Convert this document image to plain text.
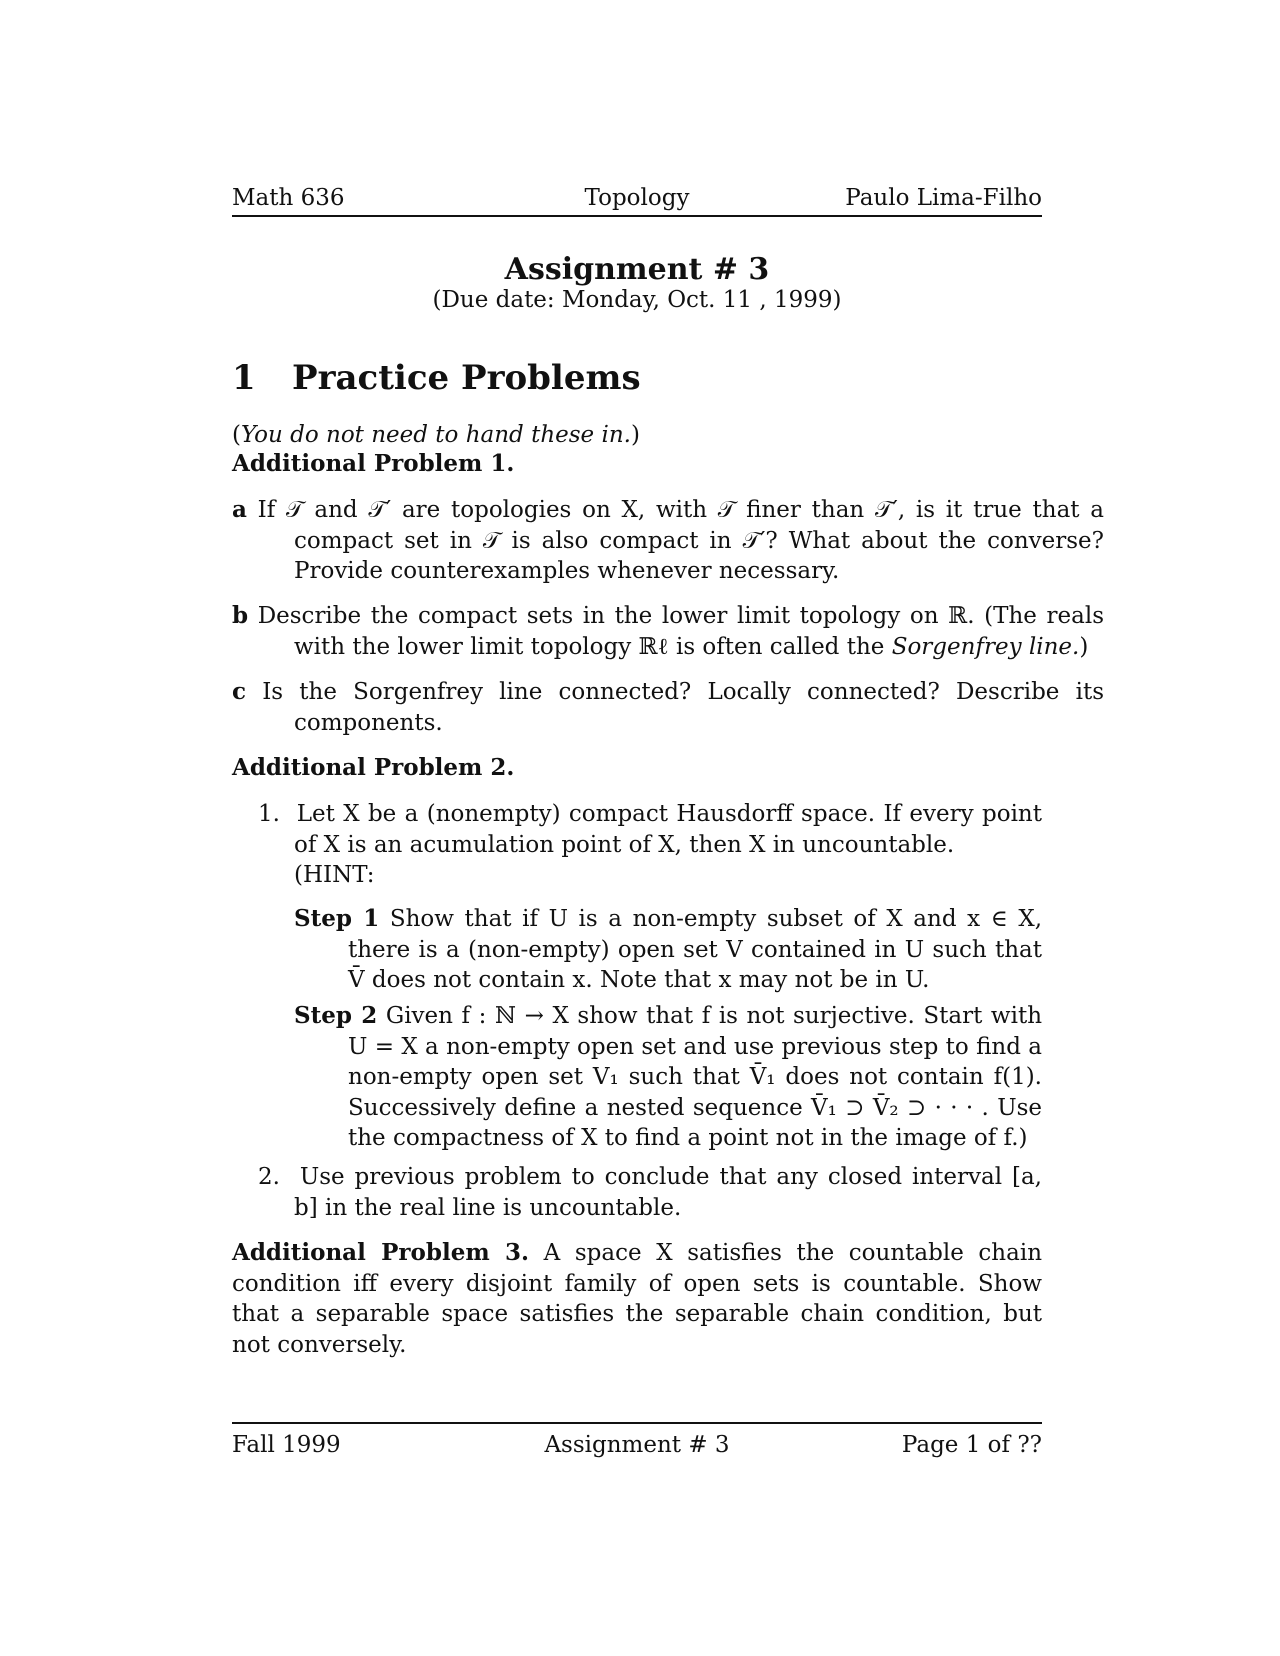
Math 636	Topology	Paulo Lima-Filho
Assignment # 3
(Due date: Monday, Oct. 11 , 1999)
1 Practice Problems
(You do not need to hand these in.)
Additional Problem 1.
a If 𝒯 and 𝒯′ are topologies on X, with 𝒯 finer than 𝒯′, is it true that a compact set in 𝒯 is also compact in 𝒯′? What about the converse? Provide counterexamples whenever necessary.
b Describe the compact sets in the lower limit topology on ℝ. (The reals with the lower limit topology ℝℓ is often called the Sorgenfrey line.)
c Is the Sorgenfrey line connected? Locally connected? Describe its components.
Additional Problem 2.
1. Let X be a (nonempty) compact Hausdorff space. If every point of X is an acumulation point of X, then X in uncountable.
(HINT:
Step 1 Show that if U is a non-empty subset of X and x ∈ X, there is a (non-empty) open set V contained in U such that V̄ does not contain x. Note that x may not be in U.
Step 2 Given f : ℕ → X show that f is not surjective. Start with U = X a non-empty open set and use previous step to find a non-empty open set V₁ such that V̄₁ does not contain f(1). Successively define a nested sequence V̄₁ ⊃ V̄₂ ⊃ · · · . Use the compactness of X to find a point not in the image of f.)
2. Use previous problem to conclude that any closed interval [a, b] in the real line is uncountable.
Additional Problem 3. A space X satisfies the countable chain condition iff every disjoint family of open sets is countable. Show that a separable space satisfies the separable chain condition, but not conversely.
Fall 1999	Assignment # 3	Page 1 of ??
